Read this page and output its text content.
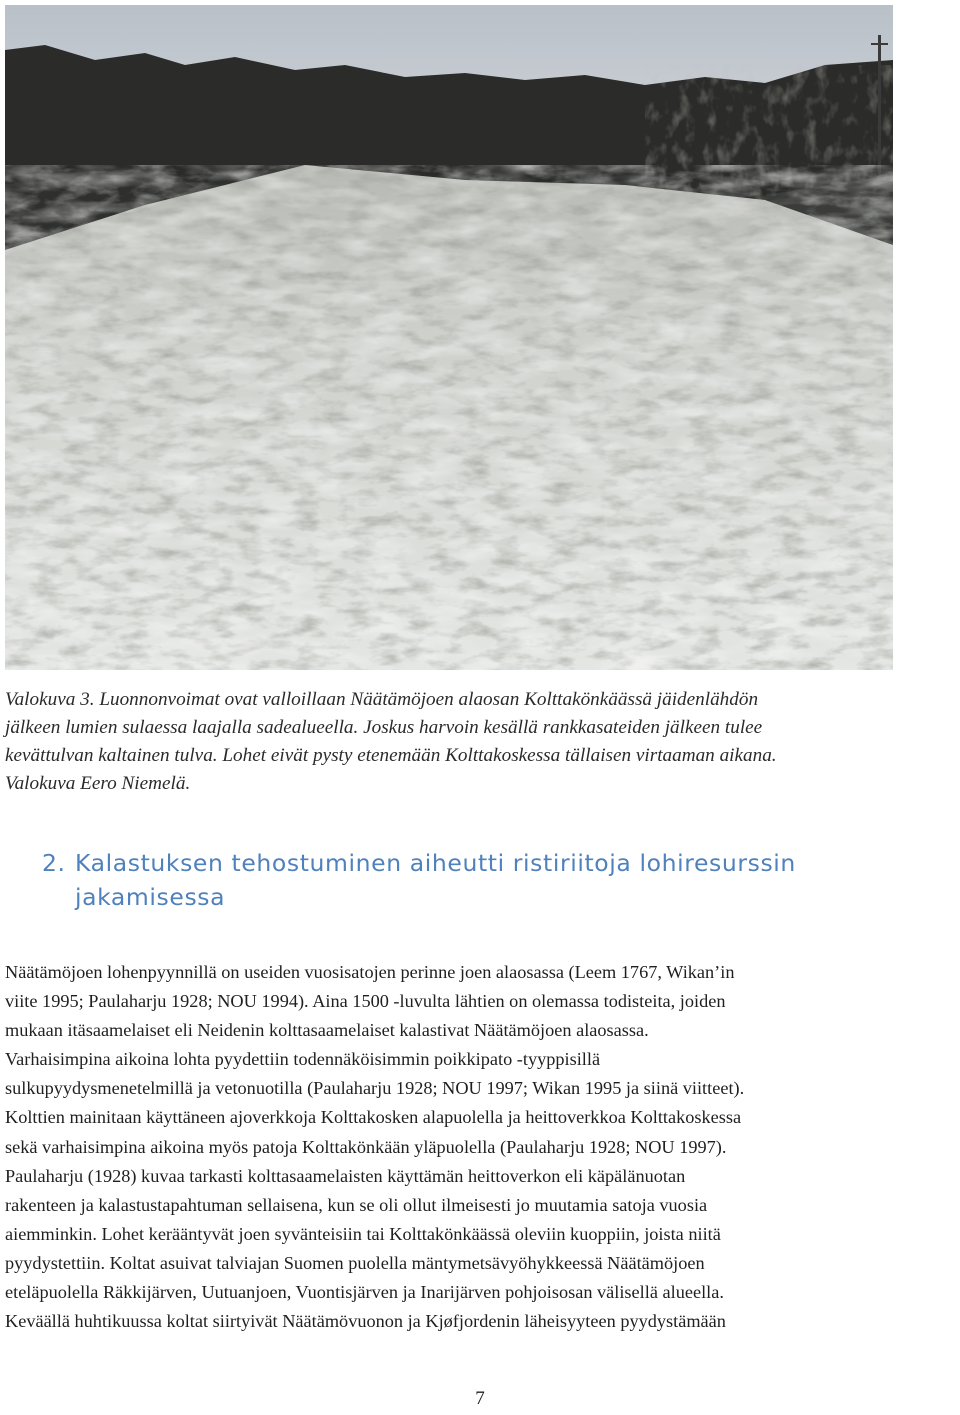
Valokuva 3. Luonnonvoimat ovat valloillaan Näätämöjoen alaosan Kolttakönkäässä jäidenlähdön
jälkeen lumien sulaessa laajalla sadealueella. Joskus harvoin kesällä rankkasateiden jälkeen tulee
kevättulvan kaltainen tulva. Lohet eivät pysty etenemään Kolttakoskessa tällaisen virtaaman aikana.
Valokuva Eero Niemelä.
2. Kalastuksen tehostuminen aiheutti ristiriitoja lohiresurssin
jakamisessa
Näätämöjoen lohenpyynnillä on useiden vuosisatojen perinne joen alaosassa (Leem 1767, Wikan’in
viite 1995; Paulaharju 1928; NOU 1994). Aina 1500 -luvulta lähtien on olemassa todisteita, joiden
mukaan itäsaamelaiset eli Neidenin kolttasaamelaiset kalastivat Näätämöjoen alaosassa.
Varhaisimpina aikoina lohta pyydettiin todennäköisimmin poikkipato -tyyppisillä
sulkupyydysmenetelmillä ja vetonuotilla (Paulaharju 1928; NOU 1997; Wikan 1995 ja siinä viitteet).
Kolttien mainitaan käyttäneen ajoverkkoja Kolttakosken alapuolella ja heittoverkkoa Kolttakoskessa
sekä varhaisimpina aikoina myös patoja Kolttakönkään yläpuolella (Paulaharju 1928; NOU 1997).
Paulaharju (1928) kuvaa tarkasti kolttasaamelaisten käyttämän heittoverkon eli käpälänuotan
rakenteen ja kalastustapahtuman sellaisena, kun se oli ollut ilmeisesti jo muutamia satoja vuosia
aiemminkin. Lohet kerääntyvät joen syvänteisiin tai Kolttakönkäässä oleviin kuoppiin, joista niitä
pyydystettiin. Koltat asuivat talviajan Suomen puolella mäntymetsävyöhykkeessä Näätämöjoen
eteläpuolella Räkkijärven, Uutuanjoen, Vuontisjärven ja Inarijärven pohjoisosan välisellä alueella.
Keväällä huhtikuussa koltat siirtyivät Näätämövuonon ja Kjøfjordenin läheisyyteen pyydystämään
7
